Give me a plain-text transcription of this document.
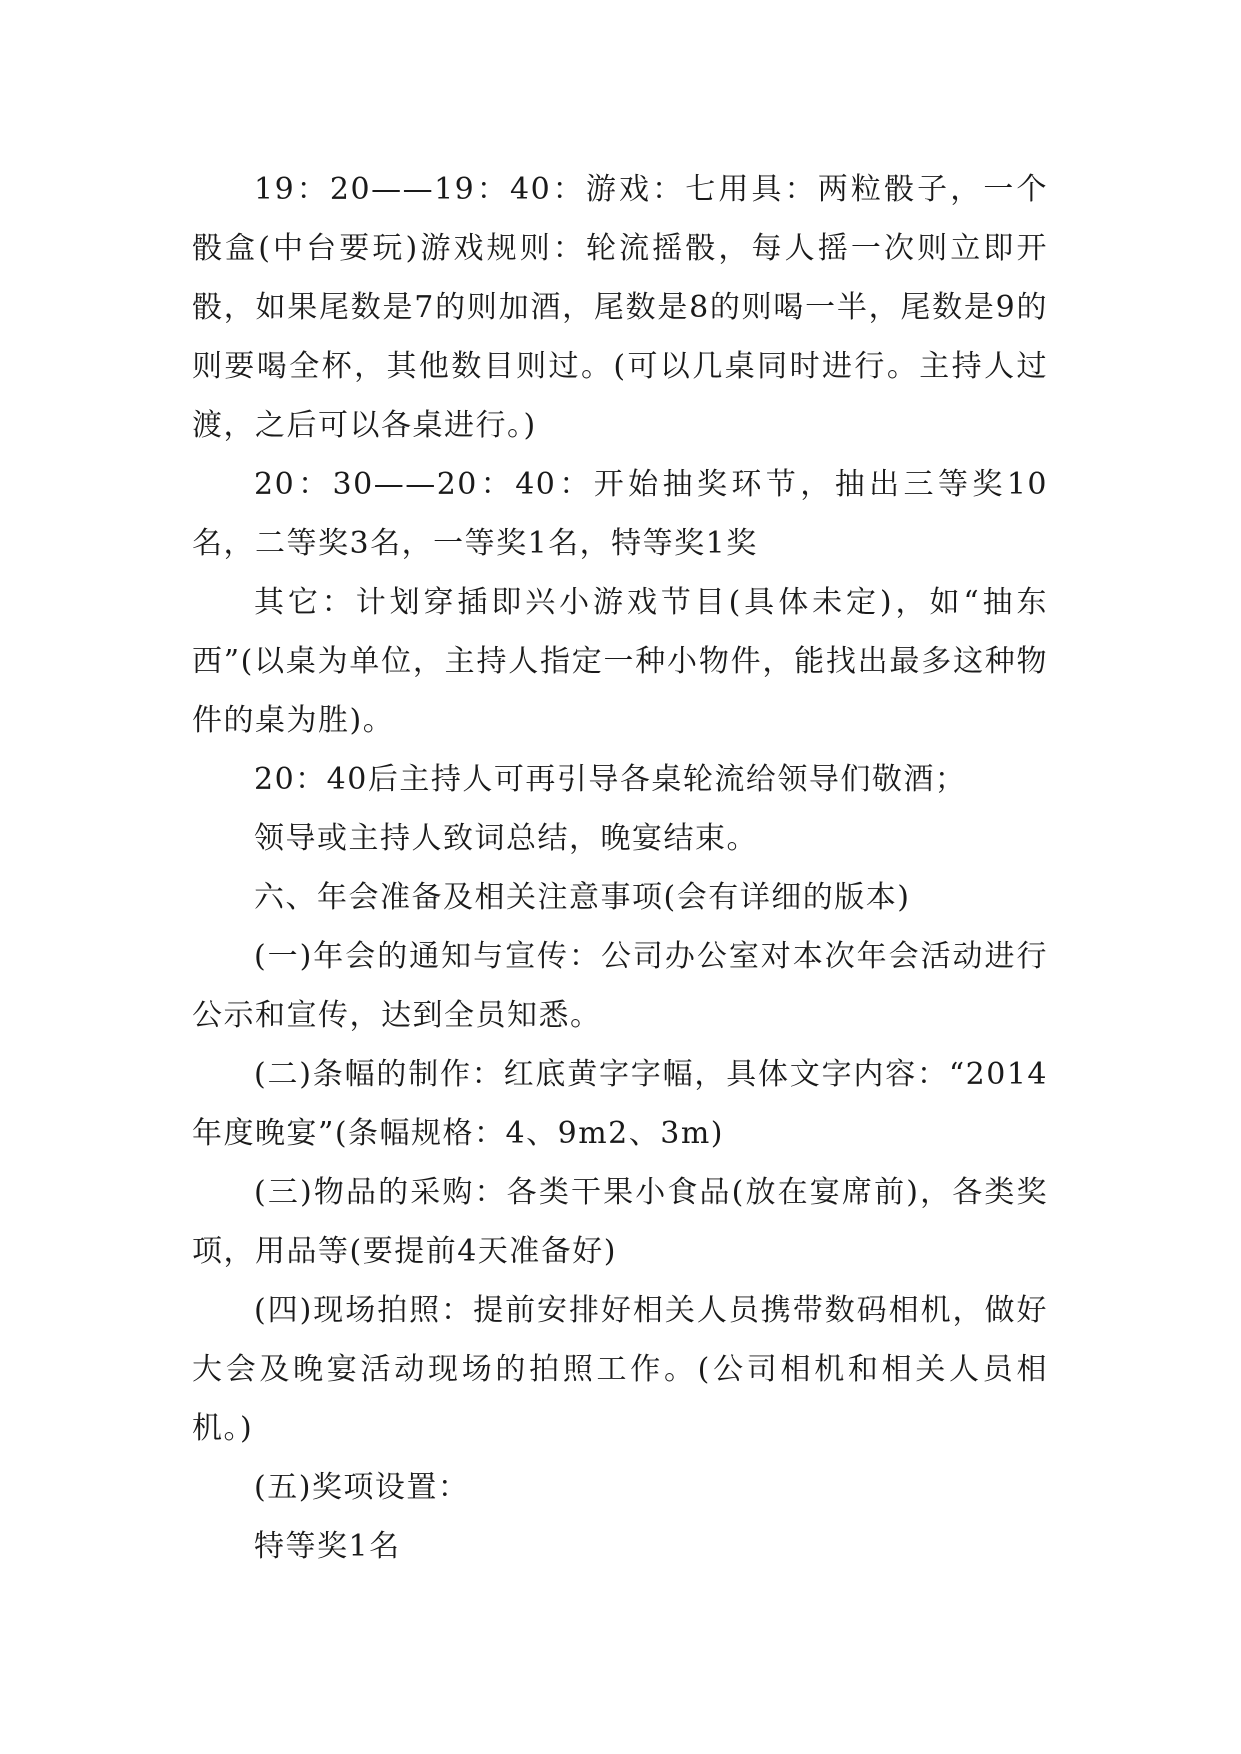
19：20——19：40：游戏：七用具：两粒骰子，一个骰盒(中台要玩)游戏规则：轮流摇骰，每人摇一次则立即开骰，如果尾数是7的则加酒，尾数是8的则喝一半，尾数是9的则要喝全杯，其他数目则过。(可以几桌同时进行。主持人过渡，之后可以各桌进行。)

20：30——20：40：开始抽奖环节，抽出三等奖10名，二等奖3名，一等奖1名，特等奖1奖

其它：计划穿插即兴小游戏节目(具体未定)，如“抽东西”(以桌为单位，主持人指定一种小物件，能找出最多这种物件的桌为胜)。

20：40后主持人可再引导各桌轮流给领导们敬酒；

领导或主持人致词总结，晚宴结束。

六、年会准备及相关注意事项(会有详细的版本)

(一)年会的通知与宣传：公司办公室对本次年会活动进行公示和宣传，达到全员知悉。

(二)条幅的制作：红底黄字字幅，具体文字内容：“2014年度晚宴”(条幅规格：4、9m2、3m)

(三)物品的采购：各类干果小食品(放在宴席前)，各类奖项，用品等(要提前4天准备好)

(四)现场拍照：提前安排好相关人员携带数码相机，做好大会及晚宴活动现场的拍照工作。(公司相机和相关人员相机。)

(五)奖项设置：

特等奖1名
